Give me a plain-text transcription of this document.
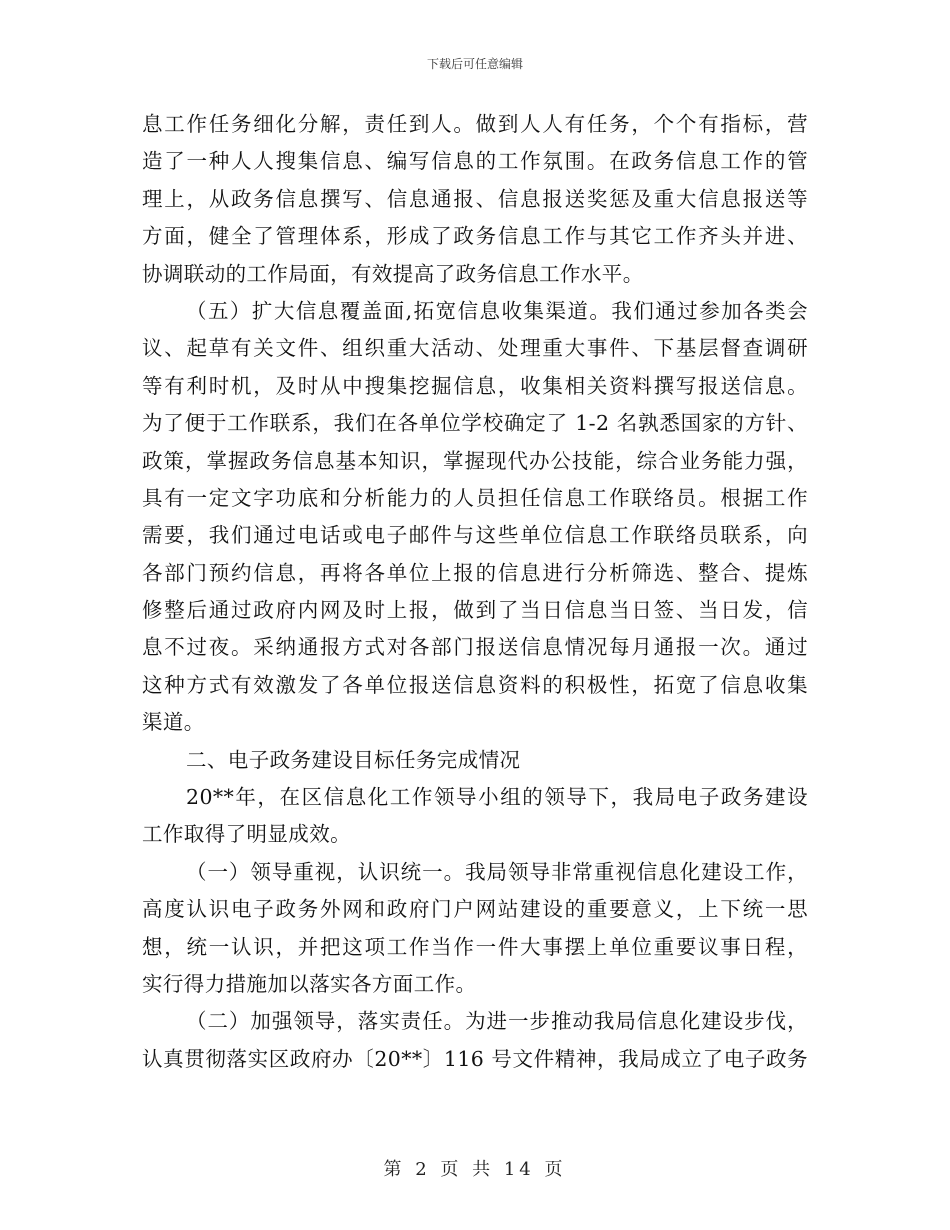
下载后可任意编辑
息工作任务细化分解，责任到人。做到人人有任务，个个有指标，营
造了一种人人搜集信息、编写信息的工作氛围。在政务信息工作的管
理上，从政务信息撰写、信息通报、信息报送奖惩及重大信息报送等
方面，健全了管理体系，形成了政务信息工作与其它工作齐头并进、
协调联动的工作局面，有效提高了政务信息工作水平。
（五）扩大信息覆盖面,拓宽信息收集渠道。我们通过参加各类会
议、起草有关文件、组织重大活动、处理重大事件、下基层督查调研
等有利时机，及时从中搜集挖掘信息，收集相关资料撰写报送信息。
为了便于工作联系，我们在各单位学校确定了 1-2 名孰悉国家的方针、
政策，掌握政务信息基本知识，掌握现代办公技能，综合业务能力强，
具有一定文字功底和分析能力的人员担任信息工作联络员。根据工作
需要，我们通过电话或电子邮件与这些单位信息工作联络员联系，向
各部门预约信息，再将各单位上报的信息进行分析筛选、整合、提炼
修整后通过政府内网及时上报，做到了当日信息当日签、当日发，信
息不过夜。采纳通报方式对各部门报送信息情况每月通报一次。通过
这种方式有效激发了各单位报送信息资料的积极性，拓宽了信息收集
渠道。
二、电子政务建设目标任务完成情况
20**年，在区信息化工作领导小组的领导下，我局电子政务建设
工作取得了明显成效。
（一）领导重视，认识统一。我局领导非常重视信息化建设工作，
高度认识电子政务外网和政府门户网站建设的重要意义，上下统一思
想，统一认识，并把这项工作当作一件大事摆上单位重要议事日程，
实行得力措施加以落实各方面工作。
（二）加强领导，落实责任。为进一步推动我局信息化建设步伐，
认真贯彻落实区政府办〔20**〕116 号文件精神，我局成立了电子政务
第 2 页 共 14 页
